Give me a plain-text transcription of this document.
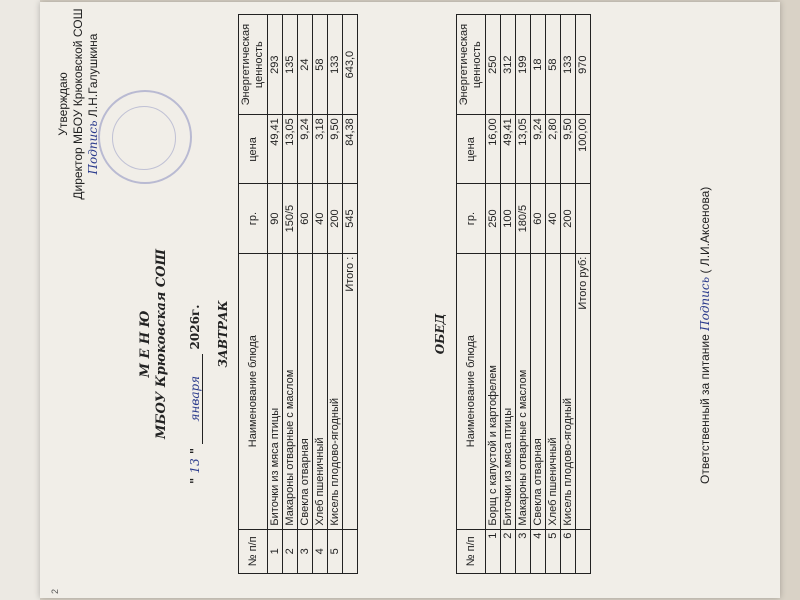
2
Утверждаю Директор МБОУ Крюковской СОШ Подпись Л.Н.Галушкина
М Е Н Ю МБОУ Крюковская СОШ
" 13 " января 2026г. ЗАВТРАК
№ п/п	Наименование блюда	гр.	цена	Энергетическая ценность
1	Биточки из мяса птицы	90	49,41	293
2	Макароны отварные с маслом	150/5	13,05	135
3	Свекла отварная	60	9,24	24
4	Хлеб пшеничный	40	3,18	58
5	Кисель плодово-ягодный	200	9,50	133
	Итого :	545	84,38	643,0
ОБЕД
№ п/п	Наименование блюда	гр.	цена	Энергетическая ценность
1	Борщ с капустой и картофелем	250	16,00	250
2	Биточки из мяса птицы	100	49,41	312
3	Макароны отварные с маслом	180/5	13,05	199
4	Свекла отварная	60	9,24	18
5	Хлеб пшеничный	40	2,80	58
6	Кисель плодово-ягодный	200	9,50	133
	Итого руб:		100,00	970
Ответственный за питание Подпись ( Л.И.Аксенова)
